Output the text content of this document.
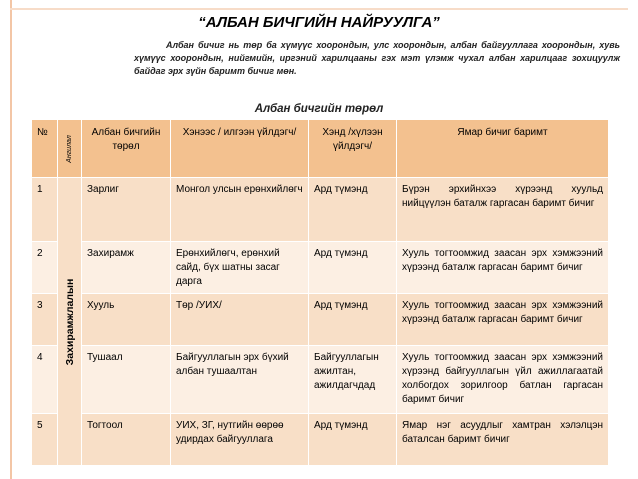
“АЛБАН БИЧГИЙН НАЙРУУЛГА”
Албан бичиг нь төр ба хүмүүс хоорондын, улс хоорондын, албан байгууллага хоорондын, хувь хүмүүс хоорондын, нийгмийн, иргэний харилцааны гэх мэт үлэмж чухал албан харилцааг зохицуулж байдаг эрх зүйн баримт бичиг мөн.
Албан бичгийн төрөл
№	Ангилал	Албан бичгийн төрөл	Хэнээс / илгээн үйлдэгч/	Хэнд /хүлээн үйлдэгч/	Ямар бичиг баримт
1	Захирамжлалын	Зарлиг	Монгол улсын ерөнхийлөгч	Ард түмэнд	Бүрэн эрхийнхээ хүрээнд хуульд нийцүүлэн баталж гаргасан баримт бичиг
2		Захирамж	Ерөнхийлөгч, ерөнхий сайд, бүх шатны засаг дарга	Ард түмэнд	Хууль тогтоомжид заасан эрх хэмжээний хүрээнд баталж гаргасан баримт бичиг
3		Хууль	Төр /УИХ/	Ард түмэнд	Хууль тогтоомжид заасан эрх хэмжээний хүрээнд баталж гаргасан баримт бичиг
4		Тушаал	Байгууллагын эрх бүхий албан тушаалтан	Байгууллагын ажилтан, ажилдагчдад	Хууль тогтоомжид заасан эрх хэмжээний хүрээнд байгууллагын үйл ажиллагаатай холбогдох зорилгоор батлан гаргасан баримт бичиг
5		Тогтоол	УИХ, ЗГ, нутгийн өөрөө удирдах байгууллага	Ард түмэнд	Ямар нэг асуудлыг хамтран хэлэлцэн баталсан баримт бичиг
